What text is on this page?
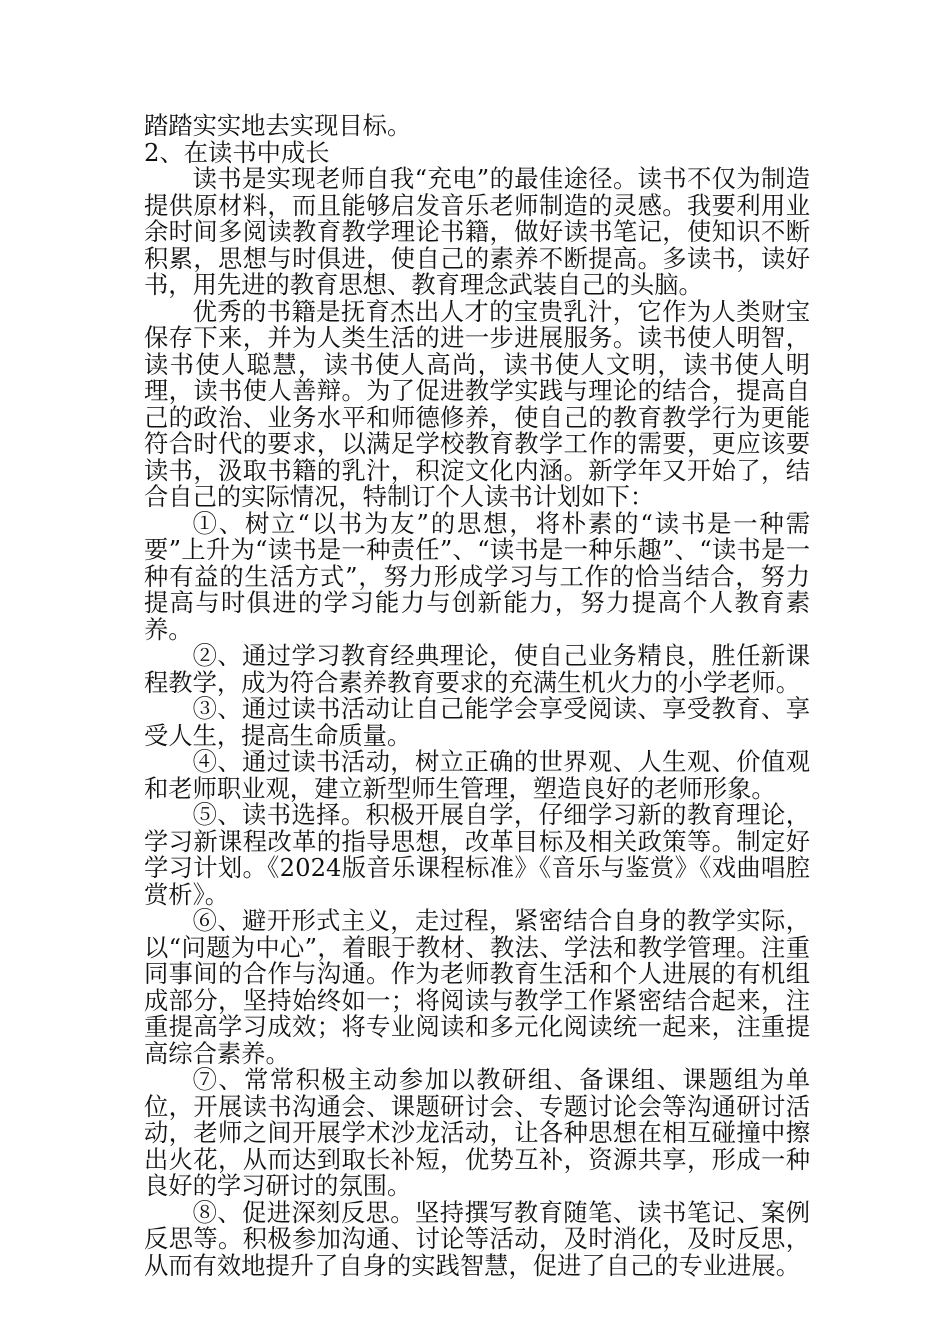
踏踏实实地去实现目标。

2、在读书中成长

读书是实现老师自我“充电”的最佳途径。读书不仅为制造提供原材料，而且能够启发音乐老师制造的灵感。我要利用业余时间多阅读教育教学理论书籍，做好读书笔记，使知识不断积累，思想与时俱进，使自己的素养不断提高。多读书，读好书，用先进的教育思想、教育理念武装自己的头脑。

优秀的书籍是抚育杰出人才的宝贵乳汁，它作为人类财宝保存下来，并为人类生活的进一步进展服务。读书使人明智，读书使人聪慧，读书使人高尚，读书使人文明，读书使人明理，读书使人善辩。为了促进教学实践与理论的结合，提高自己的政治、业务水平和师德修养，使自己的教育教学行为更能符合时代的要求，以满足学校教育教学工作的需要，更应该要读书，汲取书籍的乳汁，积淀文化内涵。新学年又开始了，结合自己的实际情况，特制订个人读书计划如下：

①、树立“以书为友”的思想，将朴素的“读书是一种需要”上升为“读书是一种责任”、“读书是一种乐趣”、“读书是一种有益的生活方式”，努力形成学习与工作的恰当结合，努力提高与时俱进的学习能力与创新能力，努力提高个人教育素养。

②、通过学习教育经典理论，使自己业务精良，胜任新课程教学，成为符合素养教育要求的充满生机火力的小学老师。

③、通过读书活动让自己能学会享受阅读、享受教育、享受人生，提高生命质量。

④、通过读书活动，树立正确的世界观、人生观、价值观和老师职业观，建立新型师生管理，塑造良好的老师形象。

⑤、读书选择。积极开展自学，仔细学习新的教育理论，学习新课程改革的指导思想，改革目标及相关政策等。制定好学习计划。《2024版音乐课程标准》《音乐与鉴赏》《戏曲唱腔赏析》。

⑥、避开形式主义，走过程，紧密结合自身的教学实际，以“问题为中心”，着眼于教材、教法、学法和教学管理。注重同事间的合作与沟通。作为老师教育生活和个人进展的有机组成部分，坚持始终如一；将阅读与教学工作紧密结合起来，注重提高学习成效；将专业阅读和多元化阅读统一起来，注重提高综合素养。

⑦、常常积极主动参加以教研组、备课组、课题组为单位，开展读书沟通会、课题研讨会、专题讨论会等沟通研讨活动，老师之间开展学术沙龙活动，让各种思想在相互碰撞中擦出火花，从而达到取长补短，优势互补，资源共享，形成一种良好的学习研讨的氛围。

⑧、促进深刻反思。坚持撰写教育随笔、读书笔记、案例反思等。积极参加沟通、讨论等活动，及时消化，及时反思，从而有效地提升了自身的实践智慧，促进了自己的专业进展。
